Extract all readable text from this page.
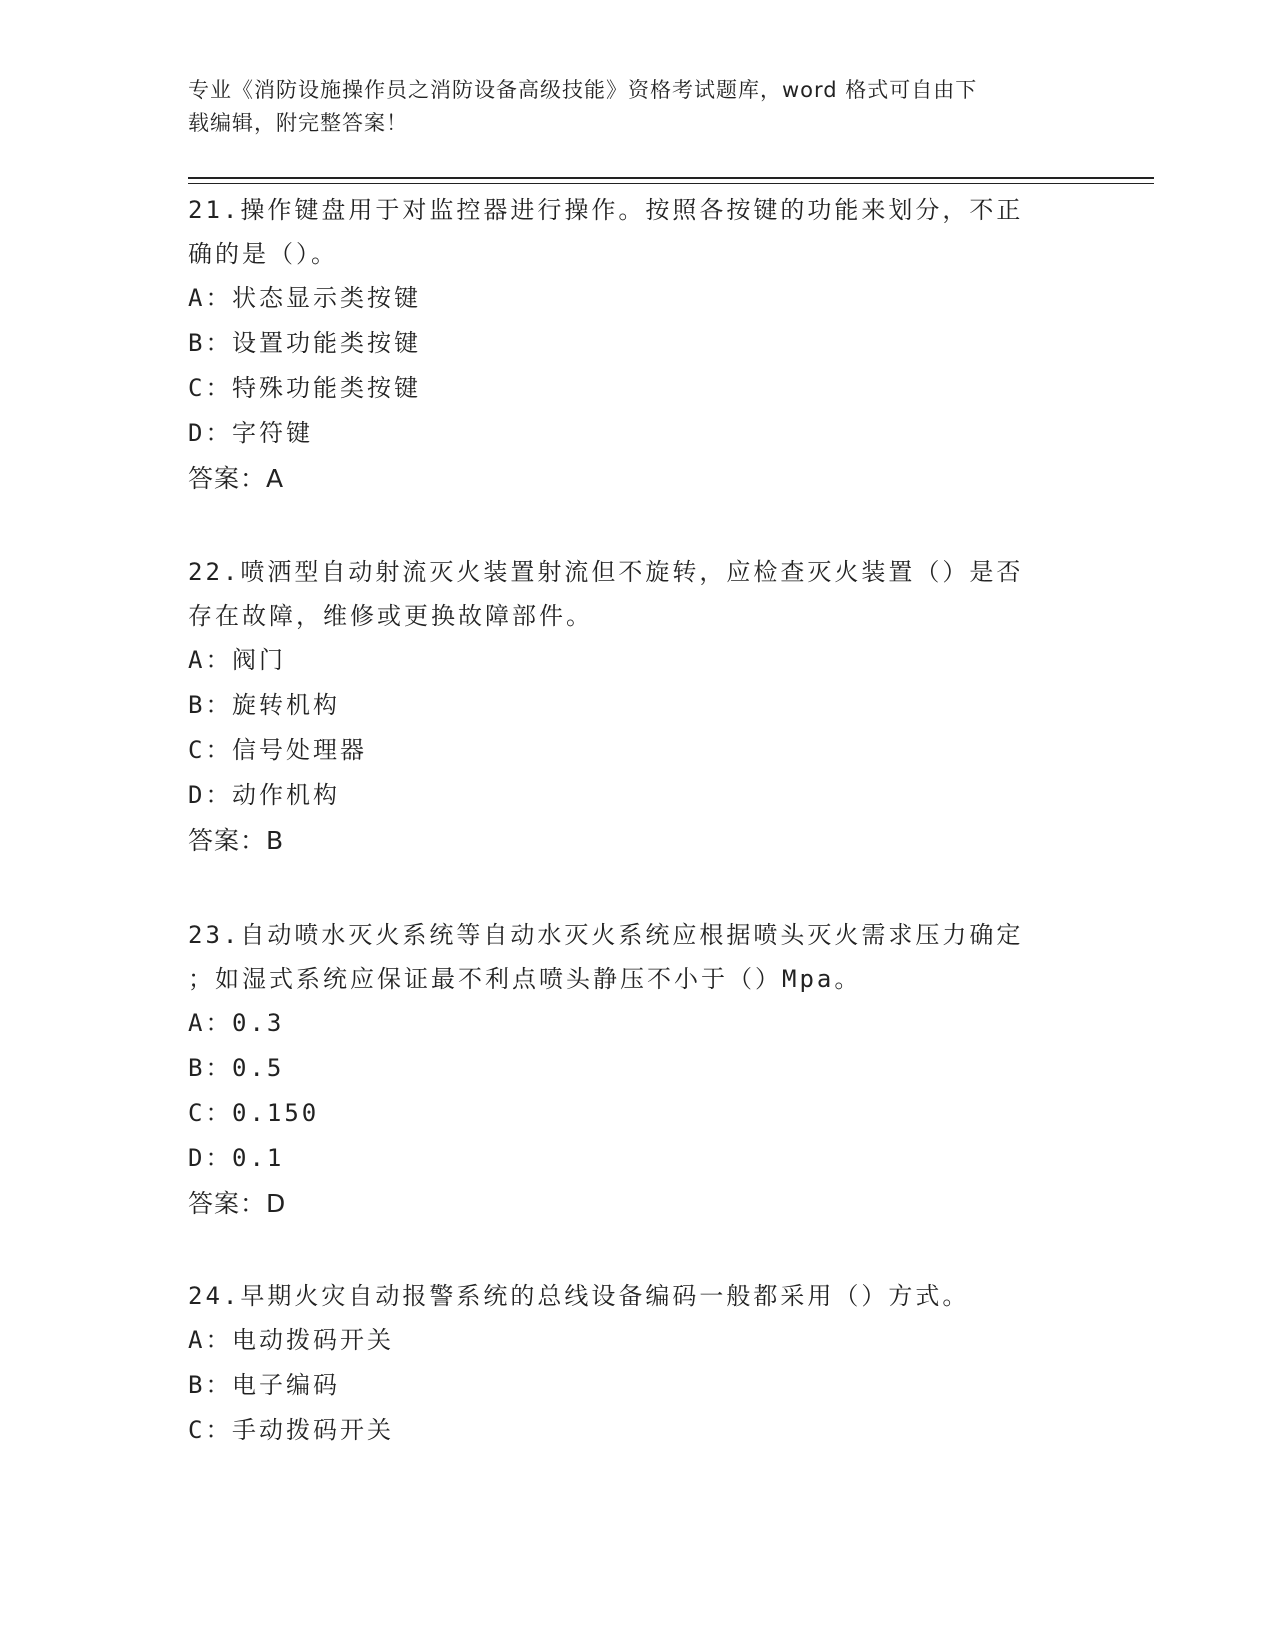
专业《消防设施操作员之消防设备高级技能》资格考试题库，word 格式可自由下
载编辑，附完整答案！
21.操作键盘用于对监控器进行操作。按照各按键的功能来划分，不正
确的是（）。
A：状态显示类按键
B：设置功能类按键
C：特殊功能类按键
D：字符键
答案：A
22.喷洒型自动射流灭火装置射流但不旋转，应检查灭火装置（）是否
存在故障，维修或更换故障部件。
A：阀门
B：旋转机构
C：信号处理器
D：动作机构
答案：B
23.自动喷水灭火系统等自动水灭火系统应根据喷头灭火需求压力确定
；如湿式系统应保证最不利点喷头静压不小于（）Mpa。
A：0.3
B：0.5
C：0.150
D：0.1
答案：D
24.早期火灾自动报警系统的总线设备编码一般都采用（）方式。
A：电动拨码开关
B：电子编码
C：手动拨码开关
